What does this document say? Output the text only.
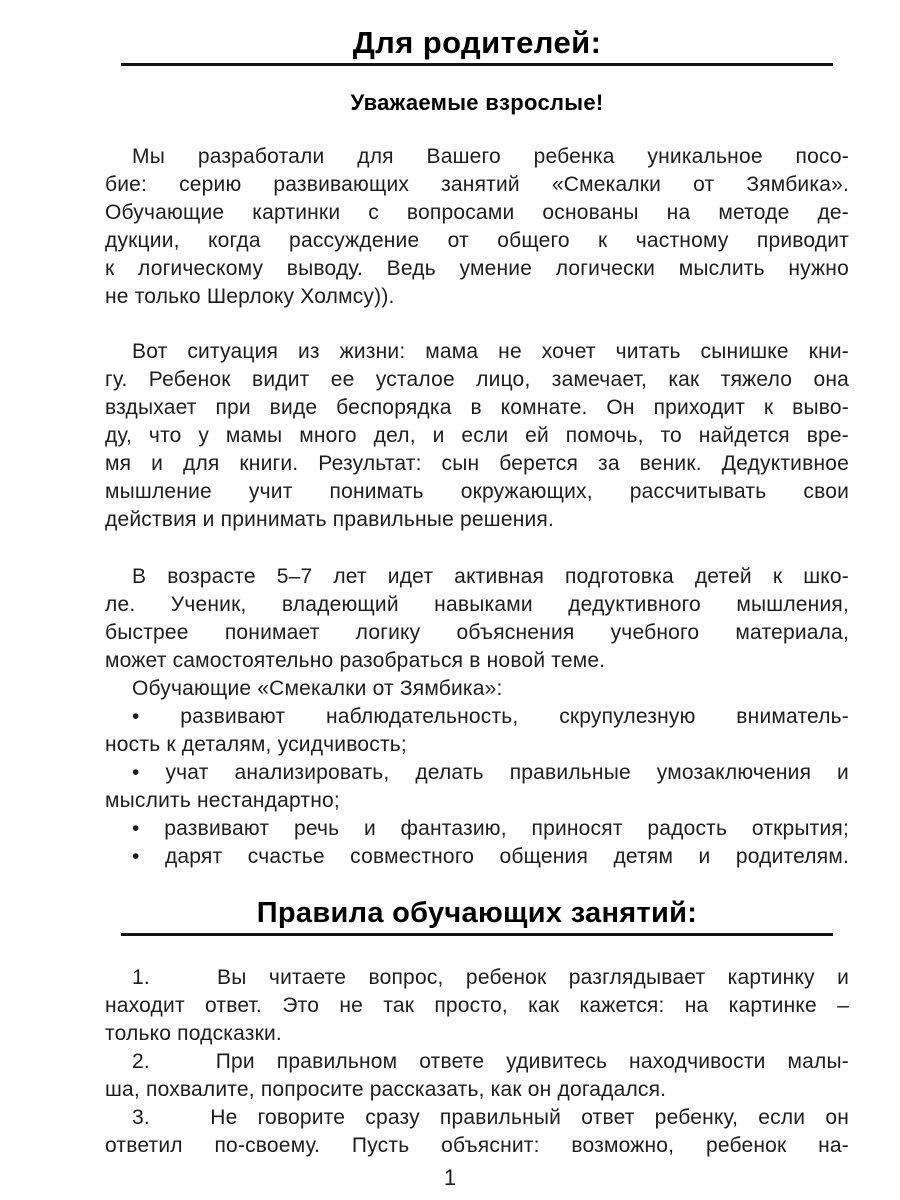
Для родителей:
Уважаемые взрослые!
Мы разработали для Вашего ребенка уникальное посо-
бие: серию развивающих занятий «Смекалки от Зямбика».
Обучающие картинки с вопросами основаны на методе де-
дукции, когда рассуждение от общего к частному приводит
к логическому выводу. Ведь умение логически мыслить нужно
не только Шерлоку Холмсу)).
Вот ситуация из жизни: мама не хочет читать сынишке кни-
гу. Ребенок видит ее усталое лицо, замечает, как тяжело она
вздыхает при виде беспорядка в комнате. Он приходит к выво-
ду, что у мамы много дел, и если ей помочь, то найдется вре-
мя и для книги. Результат: сын берется за веник. Дедуктивное
мышление учит понимать окружающих, рассчитывать свои
действия и принимать правильные решения.
В возрасте 5–7 лет идет активная подготовка детей к шко-
ле. Ученик, владеющий навыками дедуктивного мышления,
быстрее понимает логику объяснения учебного материала,
может самостоятельно разобраться в новой теме.
Обучающие «Смекалки от Зямбика»:
• развивают наблюдательность, скрупулезную вниматель-
ность к деталям, усидчивость;
• учат анализировать, делать правильные умозаключения и
мыслить нестандартно;
• развивают речь и фантазию, приносят радость открытия;
• дарят счастье совместного общения детям и родителям.
Правила обучающих занятий:
1.   Вы читаете вопрос, ребенок разглядывает картинку и
находит ответ. Это не так просто, как кажется: на картинке –
только подсказки.
2.   При правильном ответе удивитесь находчивости малы-
ша, похвалите, попросите рассказать, как он догадался.
3.   Не говорите сразу правильный ответ ребенку, если он
ответил по-своему. Пусть объяснит: возможно, ребенок на-
1
